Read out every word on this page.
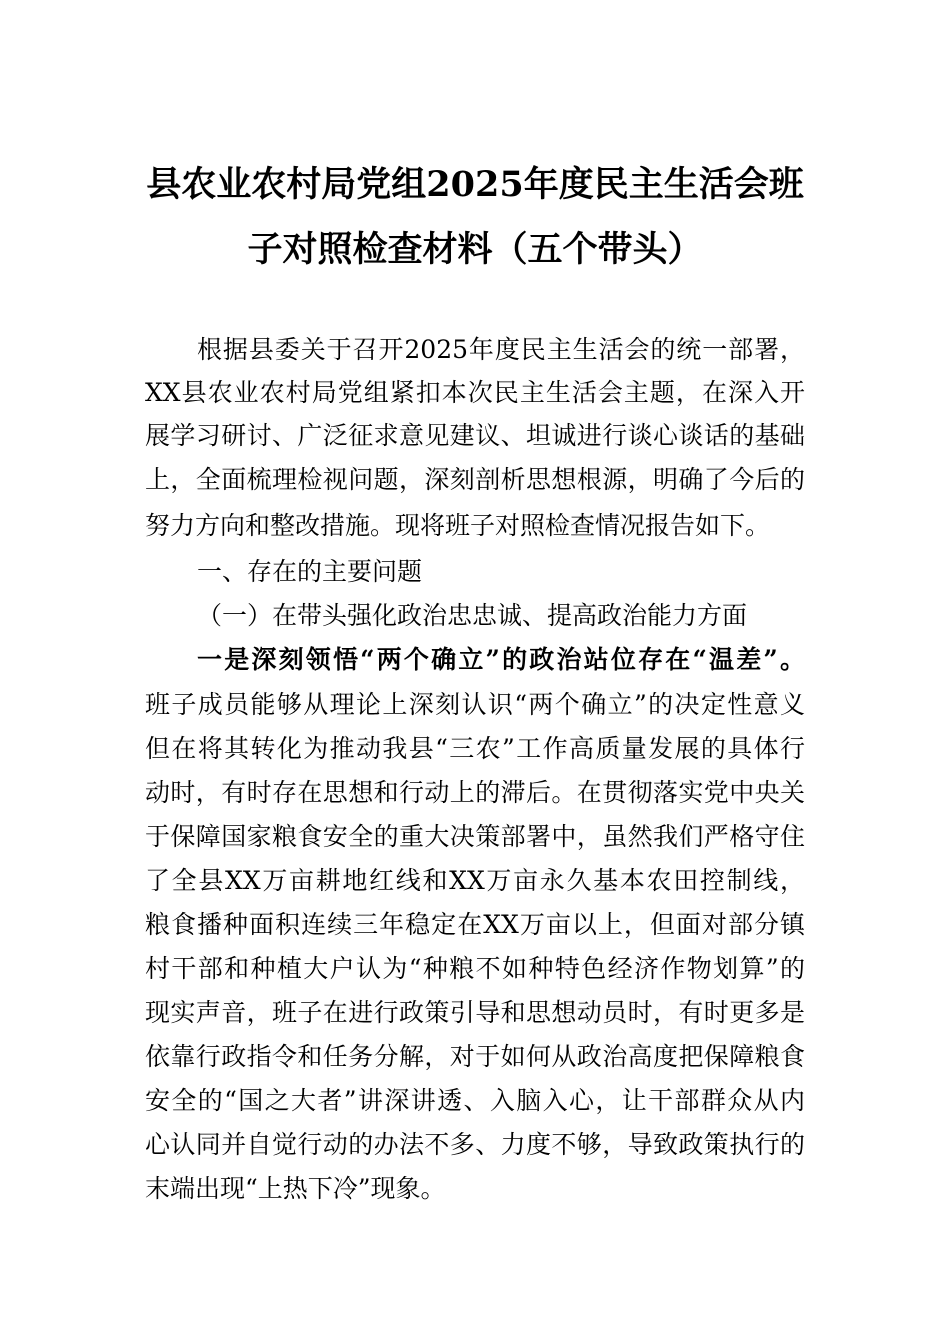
县农业农村局党组2025年度民主生活会班
子对照检查材料（五个带头）
根据县委关于召开2025年度民主生活会的统一部署，
XX县农业农村局党组紧扣本次民主生活会主题，在深入开
展学习研讨、广泛征求意见建议、坦诚进行谈心谈话的基础
上，全面梳理检视问题，深刻剖析思想根源，明确了今后的
努力方向和整改措施。现将班子对照检查情况报告如下。
一、存在的主要问题
（一）在带头强化政治忠忠诚、提高政治能力方面
一是深刻领悟“两个确立”的政治站位存在“温差”。
班子成员能够从理论上深刻认识“两个确立”的决定性意义
但在将其转化为推动我县“三农”工作高质量发展的具体行
动时，有时存在思想和行动上的滞后。在贯彻落实党中央关
于保障国家粮食安全的重大决策部署中，虽然我们严格守住
了全县XX万亩耕地红线和XX万亩永久基本农田控制线，
粮食播种面积连续三年稳定在XX万亩以上，但面对部分镇
村干部和种植大户认为“种粮不如种特色经济作物划算”的
现实声音，班子在进行政策引导和思想动员时，有时更多是
依靠行政指令和任务分解，对于如何从政治高度把保障粮食
安全的“国之大者”讲深讲透、入脑入心，让干部群众从内
心认同并自觉行动的办法不多、力度不够，导致政策执行的
末端出现“上热下冷”现象。
